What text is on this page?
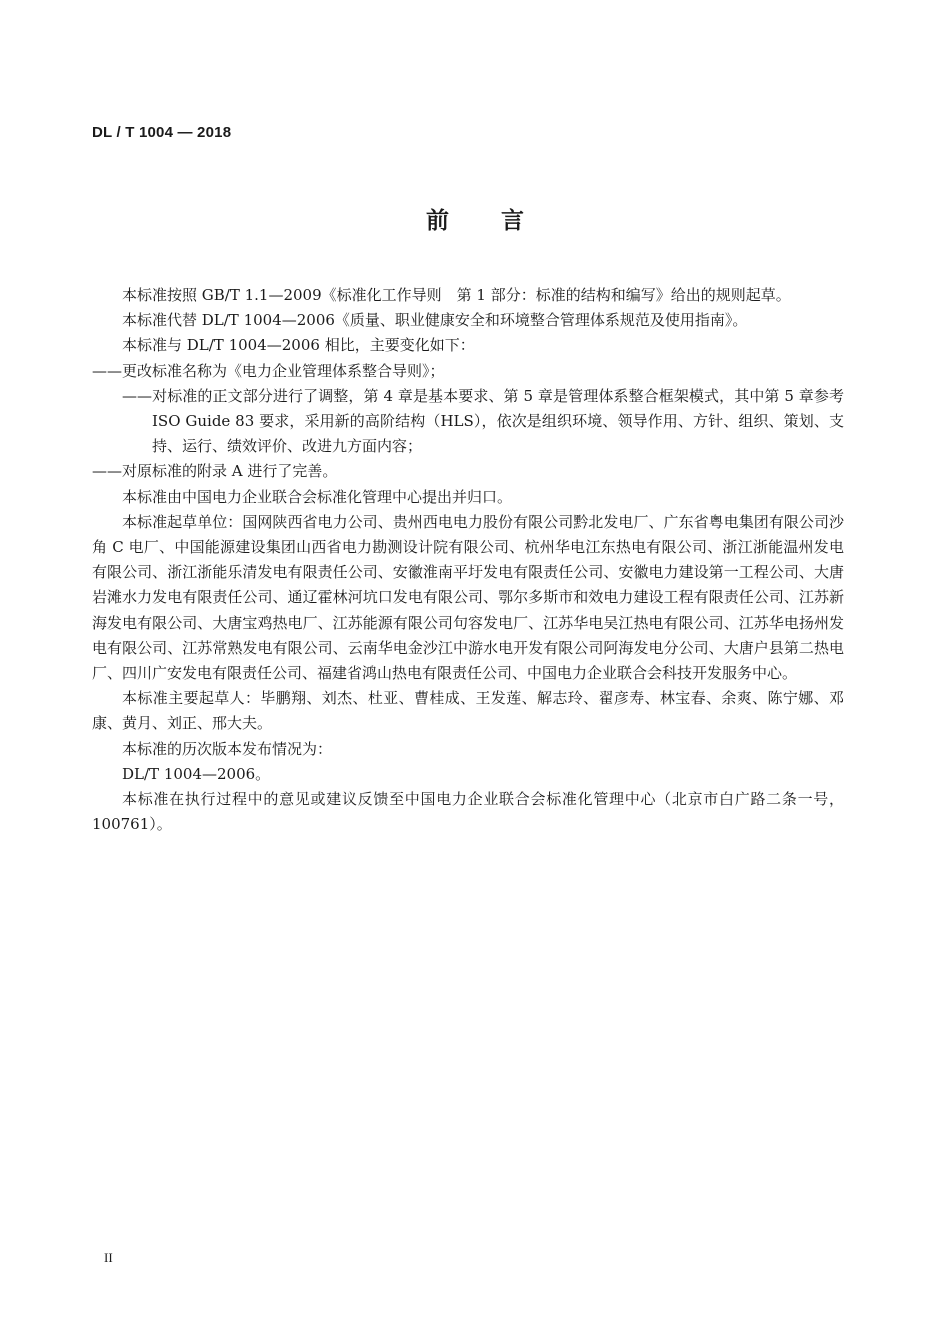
DL / T 1004 — 2018
前言

本标准按照 GB/T 1.1—2009《标准化工作导则　第 1 部分：标准的结构和编写》给出的规则起草。

本标准代替 DL/T 1004—2006《质量、职业健康安全和环境整合管理体系规范及使用指南》。

本标准与 DL/T 1004—2006 相比，主要变化如下：

——更改标准名称为《电力企业管理体系整合导则》；

——对标准的正文部分进行了调整，第 4 章是基本要求、第 5 章是管理体系整合框架模式，其中第 5 章参考 ISO Guide 83 要求，采用新的高阶结构（HLS），依次是组织环境、领导作用、方针、组织、策划、支持、运行、绩效评价、改进九方面内容；

——对原标准的附录 A 进行了完善。

本标准由中国电力企业联合会标准化管理中心提出并归口。

本标准起草单位：国网陕西省电力公司、贵州西电电力股份有限公司黔北发电厂、广东省粤电集团有限公司沙角 C 电厂、中国能源建设集团山西省电力勘测设计院有限公司、杭州华电江东热电有限公司、浙江浙能温州发电有限公司、浙江浙能乐清发电有限责任公司、安徽淮南平圩发电有限责任公司、安徽电力建设第一工程公司、大唐岩滩水力发电有限责任公司、通辽霍林河坑口发电有限公司、鄂尔多斯市和效电力建设工程有限责任公司、江苏新海发电有限公司、大唐宝鸡热电厂、江苏能源有限公司句容发电厂、江苏华电吴江热电有限公司、江苏华电扬州发电有限公司、江苏常熟发电有限公司、云南华电金沙江中游水电开发有限公司阿海发电分公司、大唐户县第二热电厂、四川广安发电有限责任公司、福建省鸿山热电有限责任公司、中国电力企业联合会科技开发服务中心。

本标准主要起草人：毕鹏翔、刘杰、杜亚、曹桂成、王发莲、解志玲、翟彦寿、林宝春、余爽、陈宁娜、邓康、黄月、刘正、邢大夫。

本标准的历次版本发布情况为：

DL/T 1004—2006。

本标准在执行过程中的意见或建议反馈至中国电力企业联合会标准化管理中心（北京市白广路二条一号，100761）。

II
